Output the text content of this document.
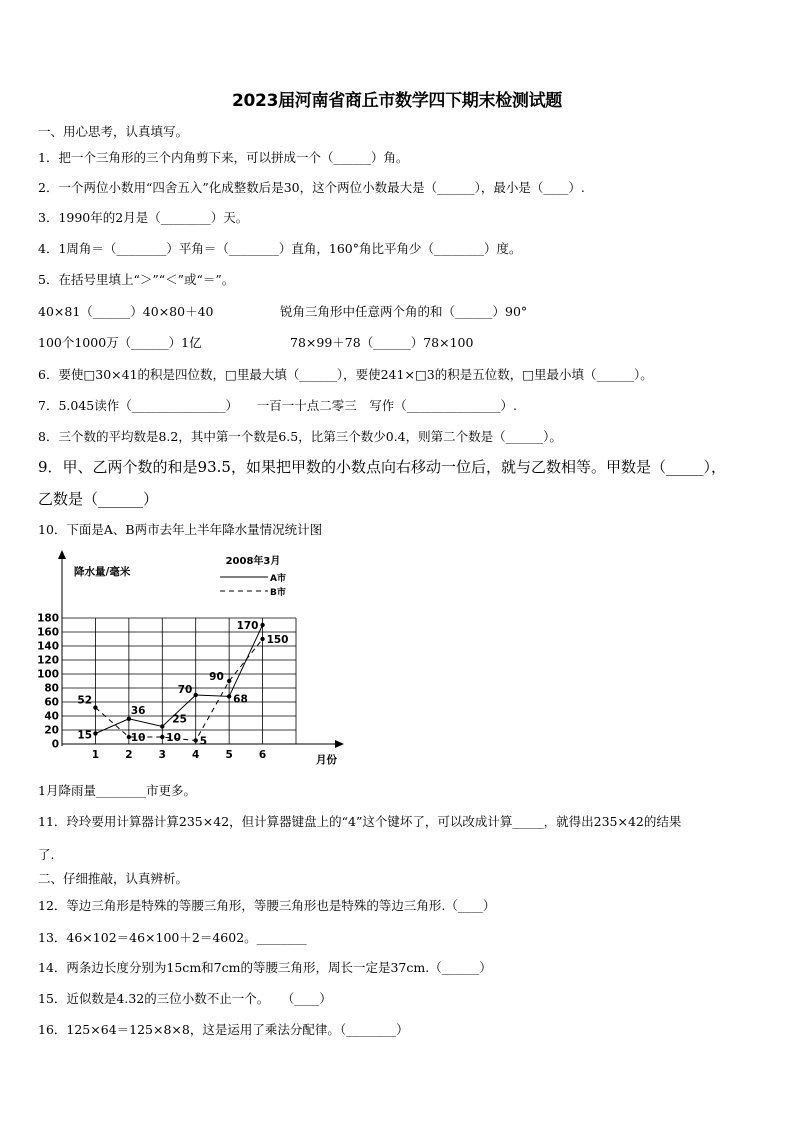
2023届河南省商丘市数学四下期末检测试题
一、用心思考，认真填写。
1．把一个三角形的三个内角剪下来，可以拼成一个（______）角。
2．一个两位小数用“四舍五入”化成整数后是30，这个两位小数最大是（______），最小是（____）.
3．1990年的2月是（________）天。
4．1周角＝（________）平角＝（________）直角，160°角比平角少（________）度。
5．在括号里填上“＞”“＜”或“＝”。
40×81（______）40×80＋40	锐角三角形中任意两个角的和（______）90°
100个1000万（______）1亿	78×99＋78（______）78×100
6．要使□30×41的积是四位数，□里最大填（______），要使241×□3的积是五位数，□里最小填（______）。
7．5.045读作（_______________）　　一百一十点二零三　写作（_______________）.
8．三个数的平均数是8.2，其中第一个数是6.5，比第三个数少0.4，则第二个数是（______）。
9．甲、乙两个数的和是93.5，如果把甲数的小数点向右移动一位后，就与乙数相等。甲数是（_____），
乙数是（______）
10．下面是A、B两市去年上半年降水量情况统计图
降水量/毫米
月份
2008年3月
A市
B市
0
20
40
60
80
100
120
140
160
180
1 2 3 4 5 6
15
36
25
70
68
170
52
10 10 5
90
150
1月降雨量________市更多。
11．玲玲要用计算器计算235×42，但计算器键盘上的“4”这个键坏了，可以改成计算_____，就得出235×42的结果
了.
二、仔细推敲，认真辨析。
12．等边三角形是特殊的等腰三角形，等腰三角形也是特殊的等边三角形.（____）
13．46×102＝46×100＋2＝4602。________
14．两条边长度分别为15cm和7cm的等腰三角形，周长一定是37cm.（______）
15．近似数是4.32的三位小数不止一个。　　（____）
16．125×64＝125×8×8，这是运用了乘法分配律。（________）
